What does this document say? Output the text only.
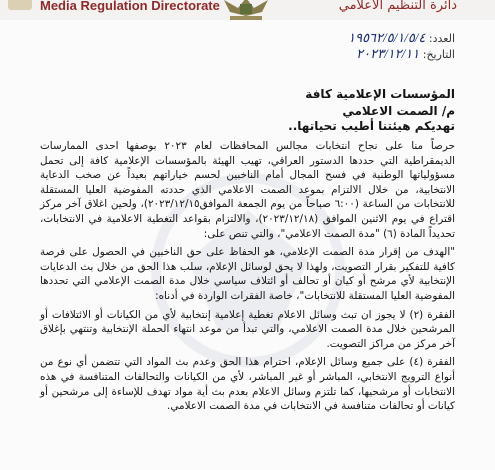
Media Regulation Directorate	دائرة التنظيم الاعلامي
العدد: ١٩٥٦٢/٥/١/٥/٤
التاريخ: ٢٠٢٣/١٢/١١
المؤسسات الإعلامية كافة
م/ الصمت الاعلامي
تهديكم هيئتنا أطيب تحياتها..

حرصاً منا على نجاح انتخابات مجالس المحافظات لعام ٢٠٢٣ بوصفها احدى الممارسات الديمقراطية التي حددها الدستور العراقي، تهيب الهيئة بالمؤسسات الإعلامية كافة إلى تحمل مسؤولياتها الوطنية في فسح المجال أمام الناخبين لحسم خياراتهم بعيداً عن صخب الدعاية الانتخابية، من خلال الالتزام بموعد الصمت الاعلامي الذي حددته المفوضية العليا المستقلة للانتخابات من الساعة (٦:٠٠ صباحاً من يوم الجمعة الموافق٢٠٢٣/١٢/١٥)، ولحين اغلاق آخر مركز اقتراع في يوم الاثنين الموافق (٢٠٢٣/١٢/١٨)، والالتزام بقواعد التغطية الاعلامية في الانتخابات، تحديداً المادة (٦) "مدة الصمت الاعلامي"، والتي تنص على:

"الهدف من إقرار مدة الصمت الإعلامي، هو الحفاظ على حق الناخبين في الحصول على فرصة كافية للتفكير بقرار التصويت، ولهذا لا يحق لوسائل الإعلام، سلب هذا الحق من خلال بث الدعايات الإنتخابية لأي مرشح أو كيان أو تحالف أو ائتلاف سياسي خلال مدة الصمت الإعلامي التي تحددها المفوضية العليا المستقلة للانتخابات"، خاصة الفقرات الواردة في أدناه:

الفقرة (٢) لا يجوز ان تبث وسائل الاعلام تغطية إعلامية إنتخابية لأي من الكيانات أو الائتلافات أو المرشحين خلال مدة الصمت الاعلامي، والتي تبدأ من موعد انتهاء الحملة الإنتخابية وتنتهي بإغلاق آخر مركز من مراكز التصويت.

الفقرة (٤) على جميع وسائل الإعلام، احترام هذا الحق وعدم بث المواد التي تتضمن أي نوع من أنواع الترويج الانتخابي، المباشر أو غير المباشر، لأي من الكيانات والتحالفات المتنافسة في هذه الانتخابات أو مرشحيها، كما تلتزم وسائل الاعلام بعدم بث أية مواد تهدف للإساءة إلى مرشحين أو كيانات أو تحالفات متنافسة في الانتخابات في مدة الصمت الاعلامي.
